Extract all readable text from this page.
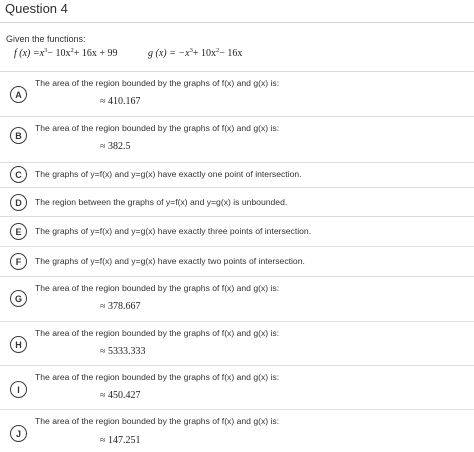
Question 4
Given the functions:
f $(x) =x^3- 10x^2+ 16x + 99$	g $(x) = -x^3+ 10x^2- 16x$
A
The area of the region bounded by the graphs of f(x) and g(x) is:
≈ 410.167
B
The area of the region bounded by the graphs of f(x) and g(x) is:
≈ 382.5
C	The graphs of y=f(x) and y=g(x) have exactly one point of intersection.
D	The region between the graphs of y=f(x) and y=g(x) is unbounded.
E	The graphs of y=f(x) and y=g(x) have exactly three points of intersection.
F	The graphs of y=f(x) and y=g(x) have exactly two points of intersection.
G
The area of the region bounded by the graphs of f(x) and g(x) is:
≈ 378.667
H
The area of the region bounded by the graphs of f(x) and g(x) is:
≈ 5333.333
I
The area of the region bounded by the graphs of f(x) and g(x) is:
≈ 450.427
J
The area of the region bounded by the graphs of f(x) and g(x) is:
≈ 147.251
